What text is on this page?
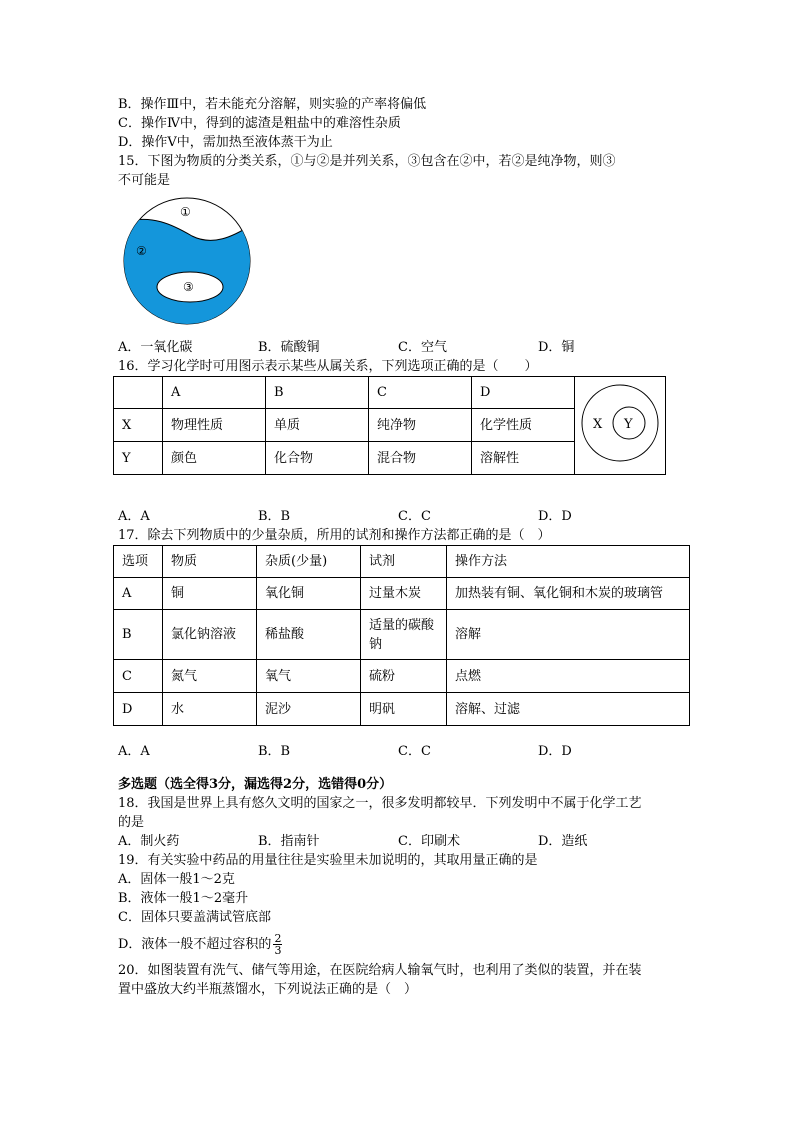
B．操作Ⅲ中，若未能充分溶解，则实验的产率将偏低
C．操作Ⅳ中，得到的滤渣是粗盐中的难溶性杂质
D．操作Ⅴ中，需加热至液体蒸干为止
15．下图为物质的分类关系，①与②是并列关系，③包含在②中，若②是纯净物，则③
不可能是
①
②
③
A．一氧化碳	B．硫酸铜	C．空气	D．铜
16．学习化学时可用图示表示某些从属关系，下列选项正确的是（　　）
	A	B	C	D	X Y

X	物理性质	单质	纯净物	化学性质	
Y	颜色	化合物	混合物	溶解性	
A．A	B．B	C．C	D．D
17．除去下列物质中的少量杂质，所用的试剂和操作方法都正确的是（　）
选项	物质	杂质(少量)	试剂	操作方法
A	铜	氧化铜	过量木炭	加热装有铜、氧化铜和木炭的玻璃管
B	氯化钠溶液	稀盐酸	适量的碳酸钠	溶解
C	氮气	氧气	硫粉	点燃
D	水	泥沙	明矾	溶解、过滤
A．A	B．B	C．C	D．D
多选题（选全得3分，漏选得2分，选错得0分）
18．我国是世界上具有悠久文明的国家之一，很多发明都较早．下列发明中不属于化学工艺
的是
A．制火药	B．指南针	C．印刷术	D．造纸
19．有关实验中药品的用量往往是实验里未加说明的，其取用量正确的是
A．固体一般1～2克
B．液体一般1～2毫升
C．固体只要盖满试管底部
D．液体一般不超过容积的 $\frac{2}{3}$
20．如图装置有洗气、储气等用途，在医院给病人输氧气时，也利用了类似的装置，并在装
置中盛放大约半瓶蒸馏水，下列说法正确的是（　）
